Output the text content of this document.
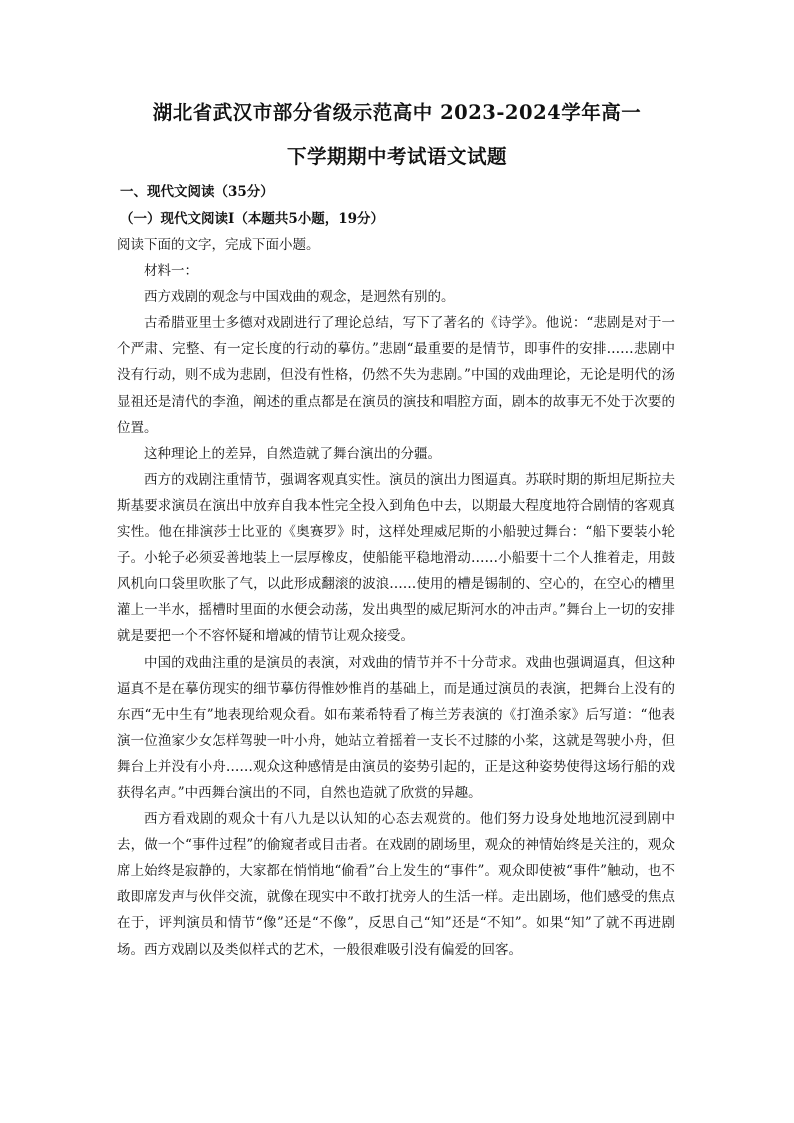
湖北省武汉市部分省级示范高中 2023-2024学年高一
下学期期中考试语文试题
一、现代文阅读（35分）
（一）现代文阅读Ⅰ（本题共5小题，19分）

阅读下面的文字，完成下面小题。

材料一：

西方戏剧的观念与中国戏曲的观念，是迥然有别的。

古希腊亚里士多德对戏剧进行了理论总结，写下了著名的《诗学》。他说：“悲剧是对于一个严肃、完整、有一定长度的行动的摹仿。”悲剧“最重要的是情节，即事件的安排……悲剧中没有行动，则不成为悲剧，但没有性格，仍然不失为悲剧。”中国的戏曲理论，无论是明代的汤显祖还是清代的李渔，阐述的重点都是在演员的演技和唱腔方面，剧本的故事无不处于次要的位置。

这种理论上的差异，自然造就了舞台演出的分疆。

西方的戏剧注重情节，强调客观真实性。演员的演出力图逼真。苏联时期的斯坦尼斯拉夫斯基要求演员在演出中放弃自我本性完全投入到角色中去，以期最大程度地符合剧情的客观真实性。他在排演莎士比亚的《奥赛罗》时，这样处理威尼斯的小船驶过舞台：“船下要装小轮子。小轮子必须妥善地装上一层厚橡皮，使船能平稳地滑动……小船要十二个人推着走，用鼓风机向口袋里吹胀了气，以此形成翻滚的波浪……使用的槽是锡制的、空心的，在空心的槽里灌上一半水，摇槽时里面的水便会动荡，发出典型的威尼斯河水的冲击声。”舞台上一切的安排就是要把一个不容怀疑和增减的情节让观众接受。

中国的戏曲注重的是演员的表演，对戏曲的情节并不十分苛求。戏曲也强调逼真，但这种逼真不是在摹仿现实的细节摹仿得惟妙惟肖的基础上，而是通过演员的表演，把舞台上没有的东西“无中生有”地表现给观众看。如布莱希特看了梅兰芳表演的《打渔杀家》后写道：“他表演一位渔家少女怎样驾驶一叶小舟，她站立着摇着一支长不过膝的小桨，这就是驾驶小舟，但舞台上并没有小舟……观众这种感情是由演员的姿势引起的，正是这种姿势使得这场行船的戏获得名声。”中西舞台演出的不同，自然也造就了欣赏的异趣。

西方看戏剧的观众十有八九是以认知的心态去观赏的。他们努力设身处地地沉浸到剧中去，做一个“事件过程”的偷窥者或目击者。在戏剧的剧场里，观众的神情始终是关注的，观众席上始终是寂静的，大家都在悄悄地“偷看”台上发生的“事件”。观众即使被“事件”触动，也不敢即席发声与伙伴交流，就像在现实中不敢打扰旁人的生活一样。走出剧场，他们感受的焦点在于，评判演员和情节“像”还是“不像”，反思自己“知”还是“不知”。如果“知”了就不再进剧场。西方戏剧以及类似样式的艺术，一般很难吸引没有偏爱的回客。
